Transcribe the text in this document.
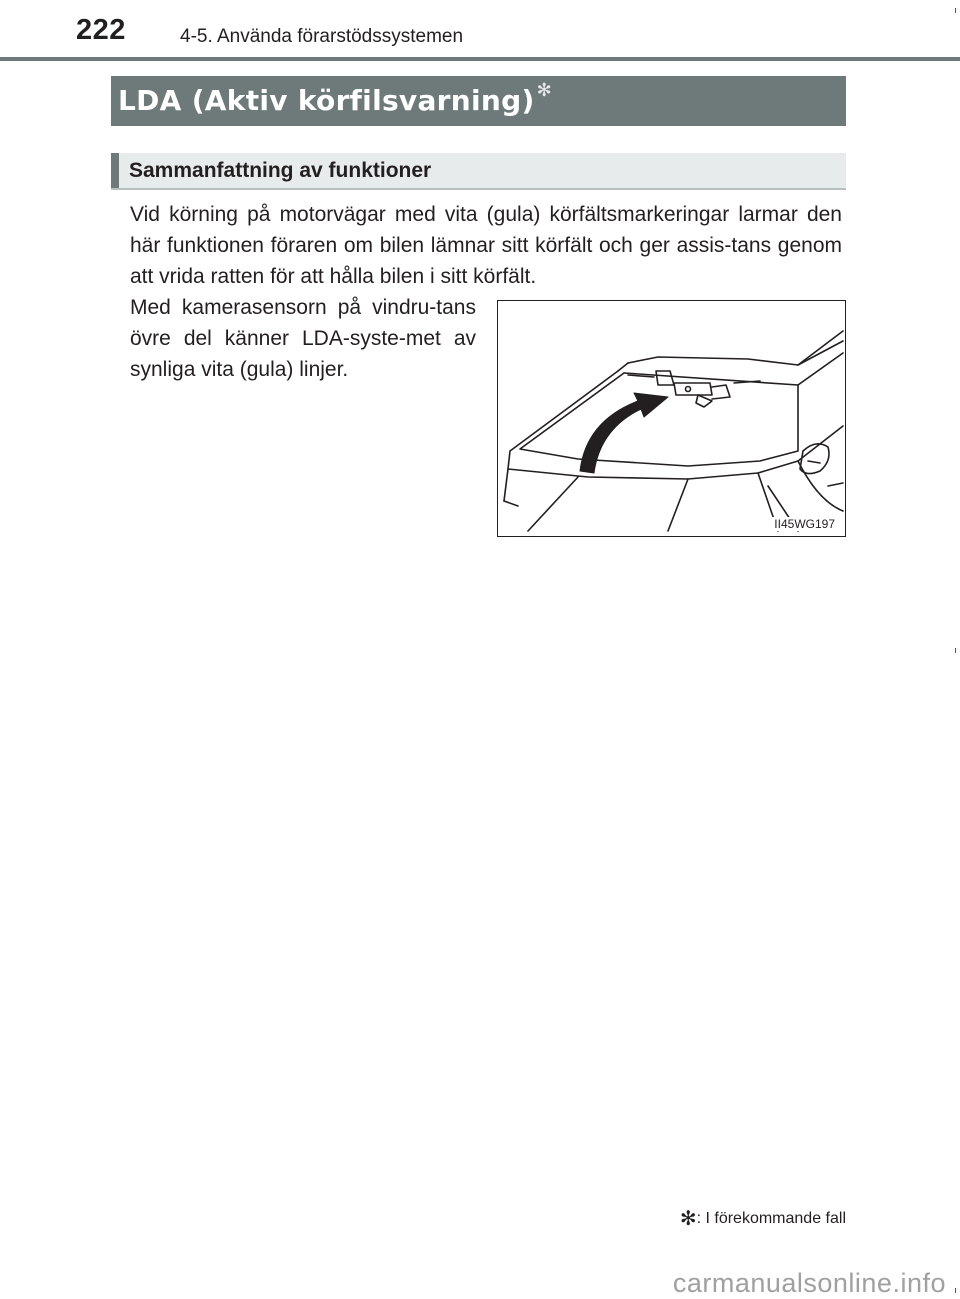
222	4-5. Använda förarstödssystemen
LDA (Aktiv körfilsvarning) ✻
Sammanfattning av funktioner
Vid körning på motorvägar med vita (gula) körfältsmarkeringar larmar den här funktionen föraren om bilen lämnar sitt körfält och ger assis-tans genom att vrida ratten för att hålla bilen i sitt körfält.
Med kamerasensorn på vindru-tans övre del känner LDA-syste-met av synliga vita (gula) linjer.
II45WG197
✻: I förekommande fall
carmanualsonline.info
